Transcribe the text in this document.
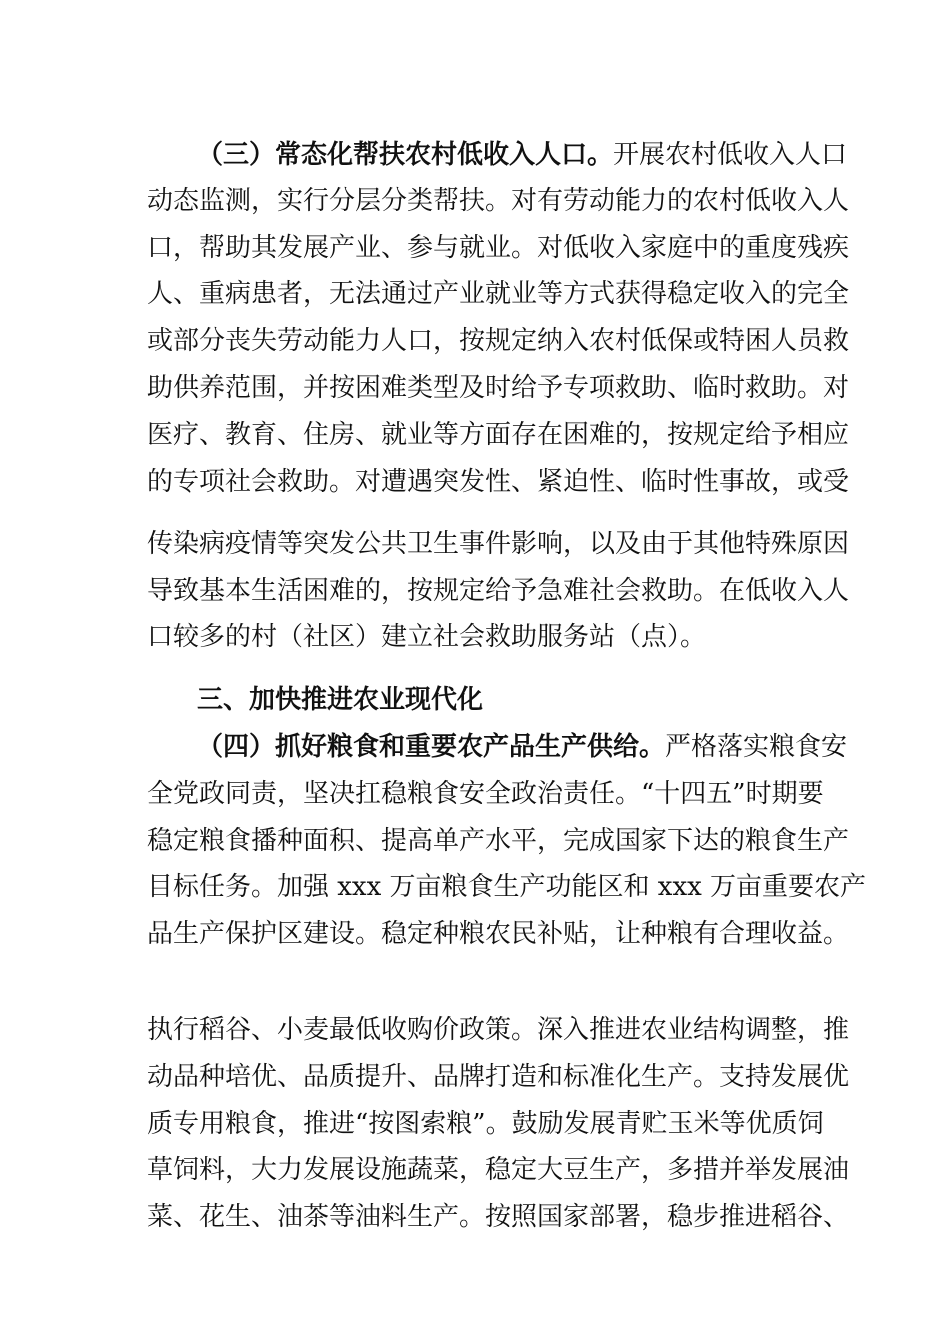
（三）常态化帮扶农村低收入人口。开展农村低收入人口
动态监测，实行分层分类帮扶。对有劳动能力的农村低收入人
口，帮助其发展产业、参与就业。对低收入家庭中的重度残疾
人、重病患者，无法通过产业就业等方式获得稳定收入的完全
或部分丧失劳动能力人口，按规定纳入农村低保或特困人员救
助供养范围，并按困难类型及时给予专项救助、临时救助。对
医疗、教育、住房、就业等方面存在困难的，按规定给予相应
的专项社会救助。对遭遇突发性、紧迫性、临时性事故，或受
传染病疫情等突发公共卫生事件影响，以及由于其他特殊原因
导致基本生活困难的，按规定给予急难社会救助。在低收入人
口较多的村（社区）建立社会救助服务站（点）。
三、加快推进农业现代化
（四）抓好粮食和重要农产品生产供给。严格落实粮食安
全党政同责，坚决扛稳粮食安全政治责任。“十四五”时期要
稳定粮食播种面积、提高单产水平，完成国家下达的粮食生产
目标任务。加强 xxx 万亩粮食生产功能区和 xxx 万亩重要农产
品生产保护区建设。稳定种粮农民补贴，让种粮有合理收益。
执行稻谷、小麦最低收购价政策。深入推进农业结构调整，推
动品种培优、品质提升、品牌打造和标准化生产。支持发展优
质专用粮食，推进“按图索粮”。鼓励发展青贮玉米等优质饲
草饲料，大力发展设施蔬菜，稳定大豆生产，多措并举发展油
菜、花生、油茶等油料生产。按照国家部署，稳步推进稻谷、
